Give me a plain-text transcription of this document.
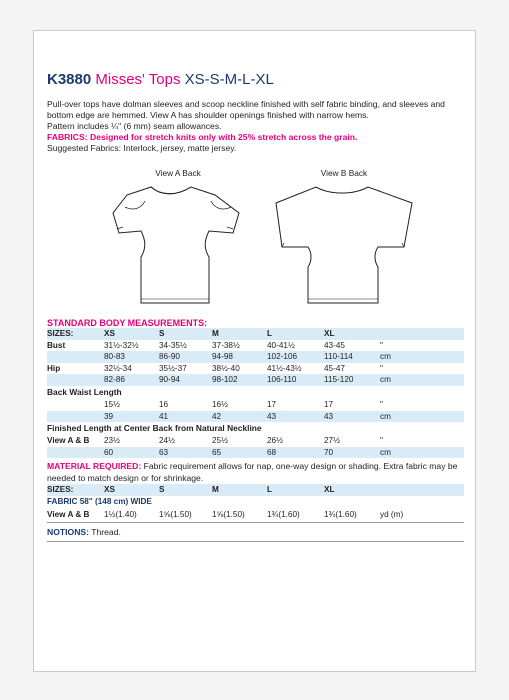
K3880 Misses' Tops XS-S-M-L-XL

Pull-over tops have dolman sleeves and scoop neckline finished with self fabric binding, and sleeves and bottom edge are hemmed. View A has shoulder openings finished with narrow hems.

Pattern includes ¼" (6 mm) seam allowances.

FABRICS: Designed for stretch knits only with 25% stretch across the grain.

Suggested Fabrics: Interlock, jersey, matte jersey.

View A Back	View B Back
STANDARD BODY MEASUREMENTS:
SIZES:	XS	S	M	L	XL
Bust	31½-32½	34-35½	37-38½	40-41½	43-45	"
80-83	86-90	94-98	102-106	110-114	cm
Hip	32½-34	35½-37	38½-40	41½-43½	45-47	"
82-86	90-94	98-102	106-110	115-120	cm
Back Waist Length
15½	16	16½	17	17	"
39	41	42	43	43	cm
Finished Length at Center Back from Natural Neckline
View A & B	23½	24½	25½	26½	27½	"
60	63	65	68	70	cm
MATERIAL REQUIRED: Fabric requirement allows for nap, one-way design or shading. Extra fabric may be needed to match design or for shrinkage.
SIZES:	XS	S	M	L	XL
FABRIC 58" (148 cm) WIDE
View A & B	1½(1.40)	1⅝(1.50)	1⅝(1.50)	1¾(1.60)	1¾(1.60)	yd (m)
NOTIONS: Thread.
